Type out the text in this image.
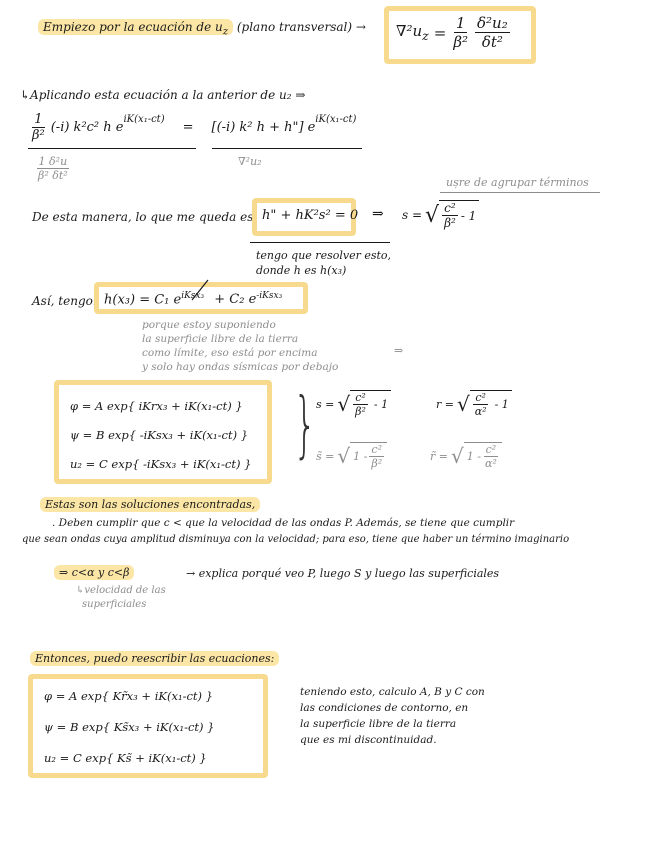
Empiezo por la ecuación de $u_z$ (plano transversal) → $\nabla^2u_z = \frac{1}{\text{β²}} \frac{\text{δ²u₂}}{\text{δt²}}$
↳Aplicando esta ecuación a la anterior de u₂ ⇒
$\frac{1}{\text{β²}} (-i)$ k²c² h e
$^{iK(x_1-ct)}$
= [(-i) k² h + h"] e
$^{iK(x_1-ct)}$
$\frac{\text{1 δ²u}}{\text{β² δt²}}$	∇²u₂
ușre de agrupar términos
De esta manera, lo que me queda es: h" + hK²s² = 0 ⇒ s = √ $\frac{\text{c²}}{\text{β²}} - 1$
tengo que resolver esto,
donde h es h(x₃)
Así, tengo: h(x₃) = C₁ $e^{iKsx_3} + C_2$ $e^{-iKsx_3}$
porque estoy suponiendo
la superficie libre de la tierra
como límite, eso está por encima
y solo hay ondas sísmicas por debajo
⇒
φ = A exp{ iKrx₃ + iK(x₁-ct) }
ψ = B exp{ -iKsx₃ + iK(x₁-ct) }
u₂ = C exp{ -iKsx₃ + iK(x₁-ct) } } s = √ $\frac{\text{c²}}{\text{β²}} - 1$	r = √ $\frac{\text{c²}}{\text{α²}} - 1$
s̃ = √ $1 - \frac{\text{c²}}{\text{β²}}$	r̃ = √ $1 - \frac{\text{c²}}{\text{α²}}$
Estas son las soluciones encontradas,
. Deben cumplir que c < que la velocidad de las ondas P. Además, se tiene que cumplir
que sean ondas cuya amplitud disminuya con la velocidad; para eso, tiene que haber un término imaginario
⇒ c<α y c<β	→ explica porqué veo P, luego S y luego las superficiales
↳velocidad de las
superficiales
Entonces, puedo reescribir las ecuaciones:
φ = A exp{ Kr̃x₃ + iK(x₁-ct) }
ψ = B exp{ Ks̃x₃ + iK(x₁-ct) }
u₂ = C exp{ Ks̃ + iK(x₁-ct) }
teniendo esto, calculo A, B y C con
las condiciones de contorno, en
la superficie libre de la tierra
que es mi discontinuidad.
